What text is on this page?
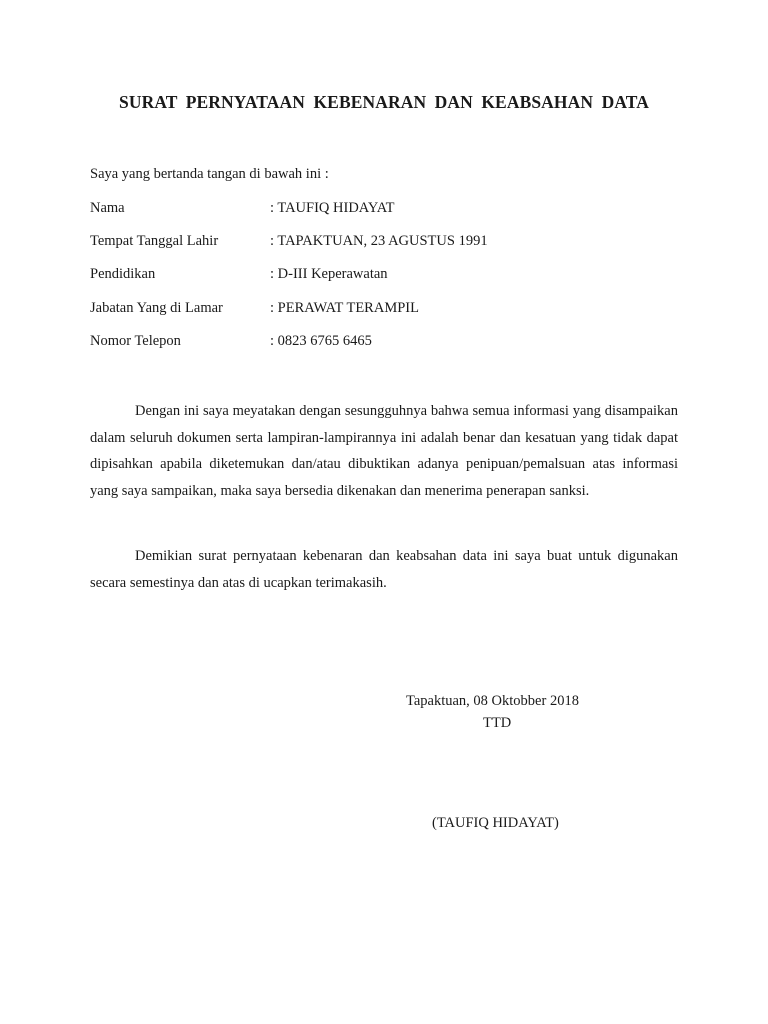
SURAT PERNYATAAN KEBENARAN DAN KEABSAHAN DATA
Saya yang bertanda tangan di bawah ini :
Nama	: TAUFIQ HIDAYAT
Tempat Tanggal Lahir	: TAPAKTUAN, 23 AGUSTUS 1991
Pendidikan	: D-III Keperawatan
Jabatan Yang di Lamar	: PERAWAT TERAMPIL
Nomor Telepon	: 0823 6765 6465

Dengan ini saya meyatakan dengan sesungguhnya bahwa semua informasi yang disampaikan dalam seluruh dokumen serta lampiran-lampirannya ini adalah benar dan kesatuan yang tidak dapat dipisahkan apabila diketemukan dan/atau dibuktikan adanya penipuan/pemalsuan atas informasi yang saya sampaikan, maka saya bersedia dikenakan dan menerima penerapan sanksi.

Demikian surat pernyataan kebenaran dan keabsahan data ini saya buat untuk digunakan secara semestinya dan atas di ucapkan terimakasih.

Tapaktuan, 08 Oktobber 2018
TTD
(TAUFIQ HIDAYAT)
